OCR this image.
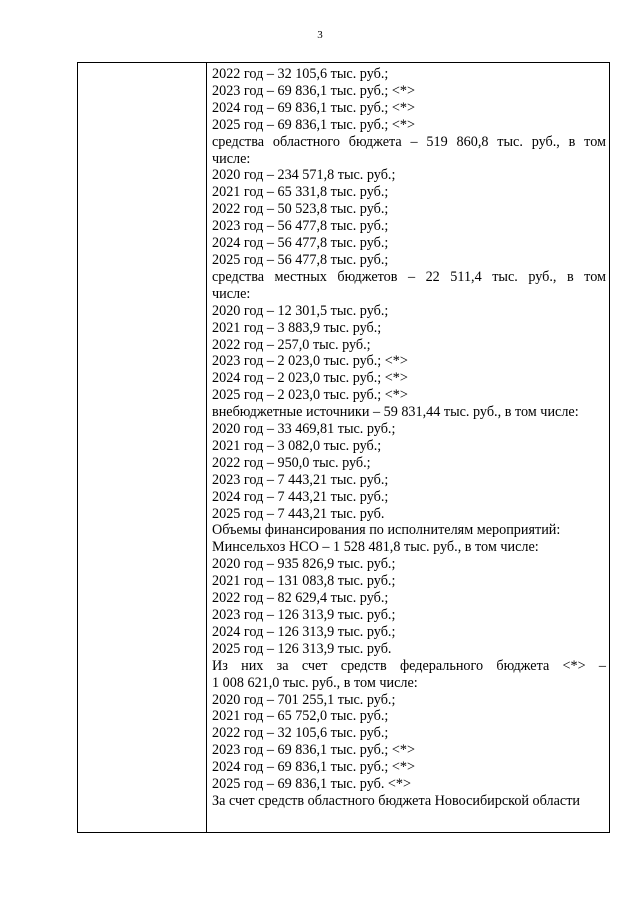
3
2022 год – 32 105,6 тыс. руб.;
2023 год – 69 836,1 тыс. руб.; <*>
2024 год – 69 836,1 тыс. руб.; <*>
2025 год – 69 836,1 тыс. руб.; <*>
средства областного бюджета – 519 860,8 тыс. руб., в том
числе:
2020 год – 234 571,8 тыс. руб.;
2021 год – 65 331,8 тыс. руб.;
2022 год – 50 523,8 тыс. руб.;
2023 год – 56 477,8 тыс. руб.;
2024 год – 56 477,8 тыс. руб.;
2025 год – 56 477,8 тыс. руб.;
средства местных бюджетов – 22 511,4 тыс. руб., в том
числе:
2020 год – 12 301,5 тыс. руб.;
2021 год – 3 883,9 тыс. руб.;
2022 год – 257,0 тыс. руб.;
2023 год – 2 023,0 тыс. руб.; <*>
2024 год – 2 023,0 тыс. руб.; <*>
2025 год – 2 023,0 тыс. руб.; <*>
внебюджетные источники – 59 831,44 тыс. руб., в том числе:
2020 год – 33 469,81 тыс. руб.;
2021 год – 3 082,0 тыс. руб.;
2022 год – 950,0 тыс. руб.;
2023 год – 7 443,21 тыс. руб.;
2024 год – 7 443,21 тыс. руб.;
2025 год – 7 443,21 тыс. руб.
Объемы финансирования по исполнителям мероприятий:
Минсельхоз НСО – 1 528 481,8 тыс. руб., в том числе:
2020 год – 935 826,9 тыс. руб.;
2021 год – 131 083,8 тыс. руб.;
2022 год – 82 629,4 тыс. руб.;
2023 год – 126 313,9 тыс. руб.;
2024 год – 126 313,9 тыс. руб.;
2025 год – 126 313,9 тыс. руб.
Из них за счет средств федерального бюджета <*> –
1 008 621,0 тыс. руб., в том числе:
2020 год – 701 255,1 тыс. руб.;
2021 год – 65 752,0 тыс. руб.;
2022 год – 32 105,6 тыс. руб.;
2023 год – 69 836,1 тыс. руб.; <*>
2024 год – 69 836,1 тыс. руб.; <*>
2025 год – 69 836,1 тыс. руб. <*>
За счет средств областного бюджета Новосибирской области
